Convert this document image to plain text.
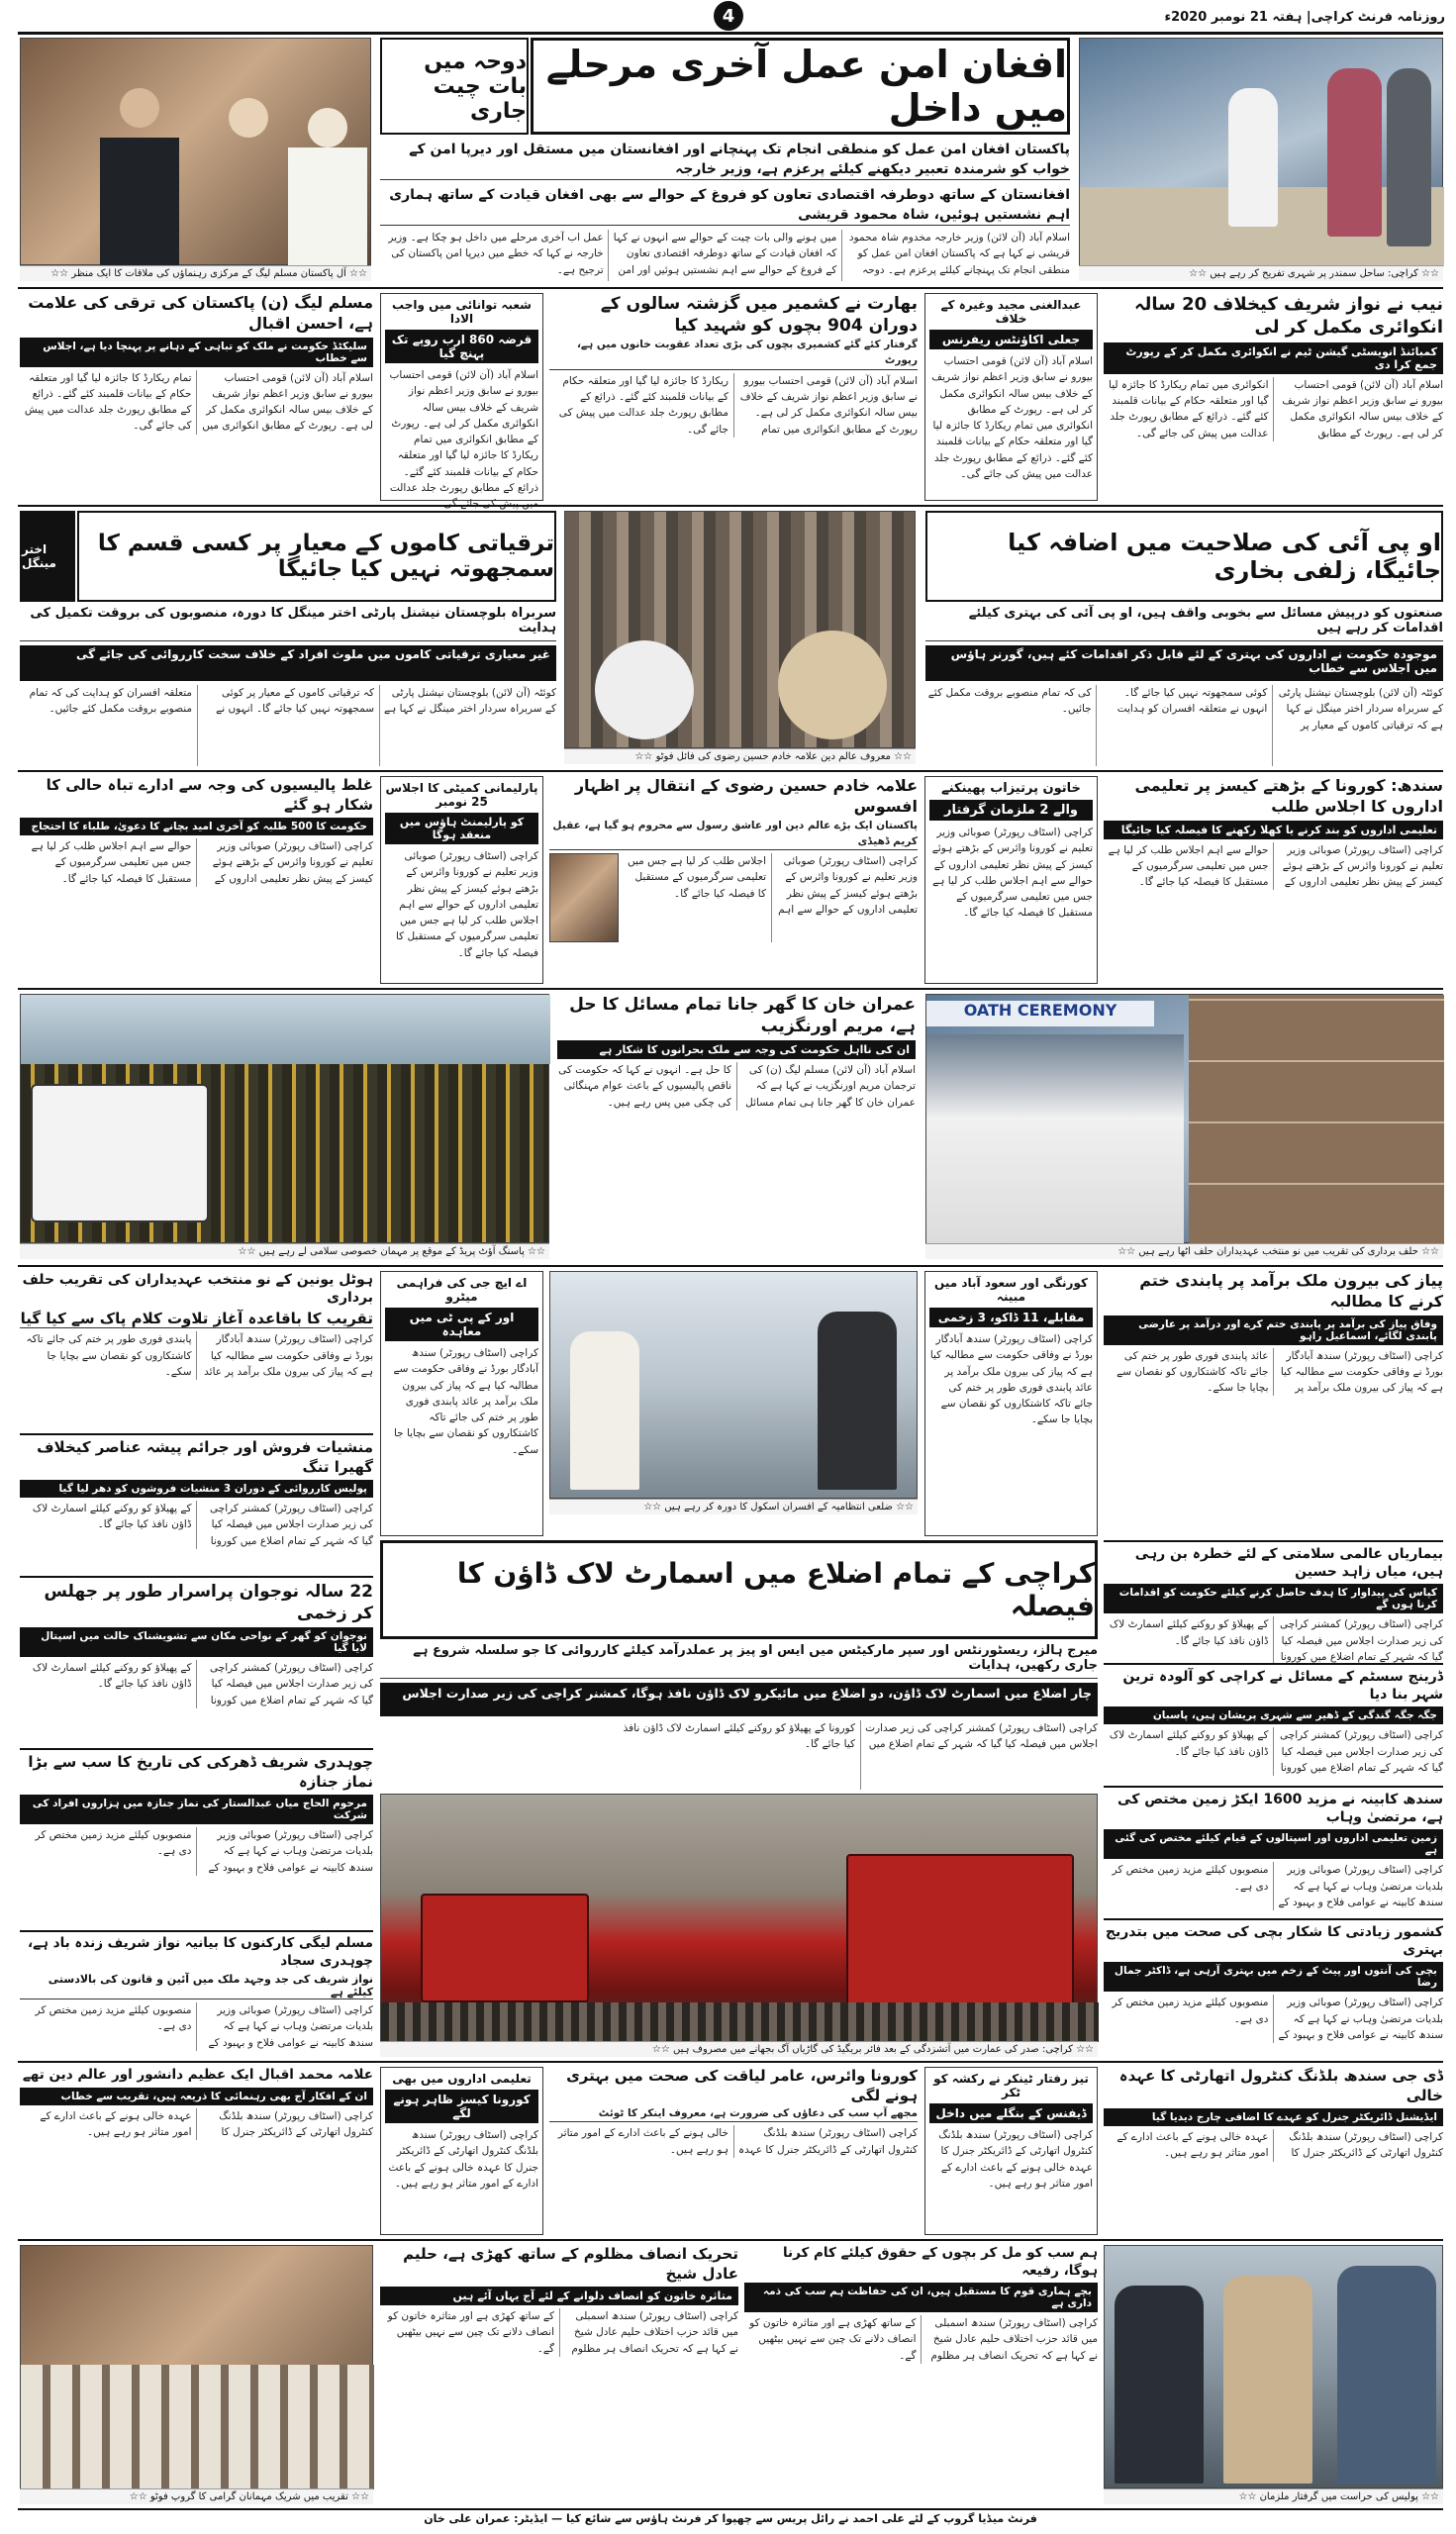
4	روزنامہ فرنٹ کراچی| ہفتہ 21 نومبر 2020ء
☆☆ آل پاکستان مسلم لیگ کے مرکزی رہنماؤں کی ملاقات کا ایک منظر ☆☆
دوحہ میں بات چیت جاری
افغان امن عمل آخری مرحلے میں داخل
پاکستان افغان امن عمل کو منطقی انجام تک پہنچانے اور افغانستان میں مستقل اور دیرپا امن کے خواب کو شرمندہ تعبیر دیکھنے کیلئے پرعزم ہے، وزیر خارجہ
افغانستان کے ساتھ دوطرفہ اقتصادی تعاون کو فروغ کے حوالے سے بھی افغان قیادت کے ساتھ ہماری اہم نشستیں ہوئیں، شاہ محمود قریشی
اسلام آباد (آن لائن) وزیر خارجہ مخدوم شاہ محمود قریشی نے کہا ہے کہ پاکستان افغان امن عمل کو منطقی انجام تک پہنچانے کیلئے پرعزم ہے۔ دوحہ میں ہونے والی بات چیت کے حوالے سے انہوں نے کہا کہ افغان قیادت کے ساتھ دوطرفہ اقتصادی تعاون کے فروغ کے حوالے سے اہم نشستیں ہوئیں اور امن عمل اب آخری مرحلے میں داخل ہو چکا ہے۔ وزیر خارجہ نے کہا کہ خطے میں دیرپا امن پاکستان کی ترجیح ہے۔	☆☆ کراچی: ساحل سمندر پر شہری تفریح کر رہے ہیں ☆☆
نیب نے نواز شریف کیخلاف 20 سالہ انکوائری مکمل کر لی
کمبائنڈ انویسٹی گیشن ٹیم نے انکوائری مکمل کر کے رپورٹ جمع کرا دی
اسلام آباد (آن لائن) قومی احتساب بیورو نے سابق وزیر اعظم نواز شریف کے خلاف بیس سالہ انکوائری مکمل کر لی ہے۔ رپورٹ کے مطابق انکوائری میں تمام ریکارڈ کا جائزہ لیا گیا اور متعلقہ حکام کے بیانات قلمبند کئے گئے۔ ذرائع کے مطابق رپورٹ جلد عدالت میں پیش کی جائے گی۔
عبدالغنی مجید وغیرہ کے خلاف
جعلی اکاؤنٹس ریفرنس
اسلام آباد (آن لائن) قومی احتساب بیورو نے سابق وزیر اعظم نواز شریف کے خلاف بیس سالہ انکوائری مکمل کر لی ہے۔ رپورٹ کے مطابق انکوائری میں تمام ریکارڈ کا جائزہ لیا گیا اور متعلقہ حکام کے بیانات قلمبند کئے گئے۔ ذرائع کے مطابق رپورٹ جلد عدالت میں پیش کی جائے گی۔
بھارت نے کشمیر میں گزشتہ سالوں کے دوران 904 بچوں کو شہید کیا
گرفتار کئے گئے کشمیری بچوں کی بڑی تعداد عقوبت خانوں میں ہے، رپورٹ
اسلام آباد (آن لائن) قومی احتساب بیورو نے سابق وزیر اعظم نواز شریف کے خلاف بیس سالہ انکوائری مکمل کر لی ہے۔ رپورٹ کے مطابق انکوائری میں تمام ریکارڈ کا جائزہ لیا گیا اور متعلقہ حکام کے بیانات قلمبند کئے گئے۔ ذرائع کے مطابق رپورٹ جلد عدالت میں پیش کی جائے گی۔
شعبہ توانائی میں واجب الادا
قرضہ 860 ارب روپے تک پہنچ گیا
اسلام آباد (آن لائن) قومی احتساب بیورو نے سابق وزیر اعظم نواز شریف کے خلاف بیس سالہ انکوائری مکمل کر لی ہے۔ رپورٹ کے مطابق انکوائری میں تمام ریکارڈ کا جائزہ لیا گیا اور متعلقہ حکام کے بیانات قلمبند کئے گئے۔ ذرائع کے مطابق رپورٹ جلد عدالت
مسلم لیگ (ن) پاکستان کی ترقی کی علامت ہے، احسن اقبال
سلیکٹڈ حکومت نے ملک کو تباہی کے دہانے پر پہنچا دیا ہے، اجلاس سے خطاب
اسلام آباد (آن لائن) قومی احتساب بیورو نے سابق وزیر اعظم نواز شریف کے خلاف بیس سالہ انکوائری مکمل کر لی ہے۔ رپورٹ کے مطابق انکوائری میں تمام ریکارڈ کا جائزہ لیا گیا اور متعلقہ حکام کے بیانات قلمبند کئے گئے۔ ذرائع کے مطابق رپورٹ جلد عدالت میں پیش کی جائے گی۔
او پی آئی کی صلاحیت میں اضافہ کیا جائیگا، زلفی بخاری
صنعتوں کو درپیش مسائل سے بخوبی واقف ہیں، او پی آئی کی بہتری کیلئے اقدامات کر رہے ہیں
موجودہ حکومت نے اداروں کی بہتری کے لئے قابل ذکر اقدامات کئے ہیں، گورنر ہاؤس میں اجلاس سے خطاب
کوئٹہ (آن لائن) بلوچستان نیشنل پارٹی کے سربراہ سردار اختر مینگل نے کہا ہے کہ ترقیاتی کاموں کے معیار پر کوئی سمجھوتہ نہیں کیا جائے گا۔ انہوں نے متعلقہ افسران کو ہدایت کی کہ تمام منصوبے بروقت مکمل کئے جائیں۔
☆☆ معروف عالم دین علامہ خادم حسین رضوی کی فائل فوٹو ☆☆
ترقیاتی کاموں کے معیار پر کسی قسم کا سمجھوتہ نہیں کیا جائیگا
اختر مینگل
سربراہ بلوچستان نیشنل پارٹی اختر مینگل کا دورہ، منصوبوں کی بروقت تکمیل کی ہدایت
غیر معیاری ترقیاتی کاموں میں ملوث افراد کے خلاف سخت کارروائی کی جائے گی
کوئٹہ (آن لائن) بلوچستان نیشنل پارٹی کے سربراہ سردار اختر مینگل نے کہا ہے کہ ترقیاتی کاموں کے معیار پر کوئی سمجھوتہ نہیں کیا جائے گا۔ انہوں نے متعلقہ افسران کو ہدایت کی کہ تمام منصوبے بروقت مکمل کئے جائیں۔
سندھ: کورونا کے بڑھتے کیسز پر تعلیمی اداروں کا اجلاس طلب
تعلیمی اداروں کو بند کرنے یا کھلا رکھنے کا فیصلہ کیا جائیگا
کراچی (اسٹاف رپورٹر) صوبائی وزیر تعلیم نے کورونا وائرس کے بڑھتے ہوئے کیسز کے پیش نظر تعلیمی اداروں کے حوالے سے اہم اجلاس طلب کر لیا ہے جس میں تعلیمی سرگرمیوں کے مستقبل کا فیصلہ کیا جائے گا۔
خاتون پرتیزاب پھینکنے
والے 2 ملزمان گرفتار
کراچی (اسٹاف رپورٹر) صوبائی وزیر تعلیم نے کورونا وائرس کے بڑھتے ہوئے کیسز کے پیش نظر تعلیمی اداروں کے حوالے سے اہم اجلاس طلب کر لیا ہے جس میں تعلیمی سرگرمیوں کے مستقبل کا فیصلہ کیا جائے گا۔
علامہ خادم حسین رضوی کے انتقال پر اظہار افسوس
پاکستان ایک بڑے عالم دین اور عاشق رسول سے محروم ہو گیا ہے، عقیل کریم ڈھیڈی
کراچی (اسٹاف رپورٹر) صوبائی وزیر تعلیم نے کورونا وائرس کے بڑھتے ہوئے کیسز کے پیش نظر تعلیمی اداروں کے حوالے سے اہم اجلاس طلب کر لیا ہے جس میں تعلیمی سرگرمیوں کے مستقبل کا فیصلہ کیا جائے گا۔
پارلیمانی کمیٹی کا اجلاس 25 نومبر
کو پارلیمنٹ ہاؤس میں منعقد ہوگا
کراچی (اسٹاف رپورٹر) صوبائی وزیر تعلیم نے کورونا وائرس کے بڑھتے ہوئے کیسز کے پیش نظر تعلیمی اداروں کے حوالے سے اہم اجلاس طلب کر لیا ہے جس میں تعلیمی سرگرمیوں کے مستقبل کا فیصلہ کیا جائے گا۔
غلط پالیسیوں کی وجہ سے ادارے تباہ حالی کا شکار ہو گئے
حکومت کا 500 طلبہ کو آخری امید بچانے کا دعویٰ، طلباء کا احتجاج
کراچی (اسٹاف رپورٹر) صوبائی وزیر تعلیم نے کورونا وائرس کے بڑھتے ہوئے کیسز کے پیش نظر تعلیمی اداروں کے حوالے سے اہم اجلاس طلب کر لیا ہے جس میں تعلیمی سرگرمیوں کے مستقبل کا فیصلہ کیا جائے گا۔
☆☆ پاسنگ آؤٹ پریڈ کے موقع پر مہمان خصوصی سلامی لے رہے ہیں ☆☆
عمران خان کا گھر جانا تمام مسائل کا حل ہے، مریم اورنگزیب
ان کی نااہل حکومت کی وجہ سے ملک بحرانوں کا شکار ہے
اسلام آباد (آن لائن) مسلم لیگ (ن) کی ترجمان مریم اورنگزیب نے کہا ہے کہ عمران خان کا گھر جانا ہی تمام مسائل کا حل ہے۔ انہوں نے کہا کہ حکومت کی ناقص پالیسیوں کے باعث عوام مہنگائی کی چکی میں پس رہے ہیں۔
OATH CEREMONY
☆☆ حلف برداری کی تقریب میں نو منتخب عہدیداران حلف اٹھا رہے ہیں ☆☆
پیاز کی بیرون ملک برآمد پر پابندی ختم کرنے کا مطالبہ
وفاق پیاز کی برآمد پر پابندی ختم کرے اور درآمد پر عارضی پابندی لگائے، اسماعیل راہو
کراچی (اسٹاف رپورٹر) سندھ آبادگار بورڈ نے وفاقی حکومت سے مطالبہ کیا ہے کہ پیاز کی بیرون ملک برآمد پر عائد پابندی فوری طور پر ختم کی جائے تاکہ کاشتکاروں کو نقصان سے بچایا جا سکے۔
کورنگی اور سعود آباد میں مبینہ
مقابلے، 11 ڈاکو، 3 زخمی
کراچی (اسٹاف رپورٹر) سندھ آبادگار بورڈ نے وفاقی حکومت سے مطالبہ کیا ہے کہ پیاز کی بیرون ملک برآمد پر عائد پابندی فوری طور پر ختم کی جائے تاکہ کاشتکاروں کو نقصان سے بچایا جا سکے۔
☆☆ ضلعی انتظامیہ کے افسران اسکول کا دورہ کر رہے ہیں ☆☆
اے ایچ جی کی فراہمی میٹرو
اور کے پی ٹی میں معاہدہ
کراچی (اسٹاف رپورٹر) سندھ آبادگار بورڈ نے وفاقی حکومت سے مطالبہ کیا ہے کہ پیاز کی بیرون ملک برآمد پر عائد پابندی فوری طور پر ختم کی جائے تاکہ کاشتکاروں کو نقصان سے بچایا جا سکے۔
ہوٹل یونین کے نو منتخب عہدیداران کی تقریب حلف برداری
تقریب کا باقاعدہ آغاز تلاوت کلام پاک سے کیا گیا
کراچی (اسٹاف رپورٹر) سندھ آبادگار بورڈ نے وفاقی حکومت سے مطالبہ کیا ہے کہ پیاز کی بیرون ملک برآمد پر عائد پابندی فوری طور پر ختم کی جائے تاکہ کاشتکاروں کو نقصان سے بچایا جا سکے۔
منشیات فروش اور جرائم پیشہ عناصر کیخلاف گھیرا تنگ
پولیس کارروائی کے دوران 3 منشیات فروشوں کو دھر لیا گیا
کراچی (اسٹاف رپورٹر) کمشنر کراچی کی زیر صدارت اجلاس میں فیصلہ کیا گیا کہ شہر کے تمام اضلاع میں کورونا کے پھیلاؤ کو روکنے کیلئے اسمارٹ لاک ڈاؤن نافذ کیا جائے گا۔
کراچی کے تمام اضلاع میں اسمارٹ لاک ڈاؤن کا فیصلہ
میرج ہالز، ریسٹورنٹس اور سپر مارکیٹس میں ایس او پیز پر عملدرآمد کیلئے کارروائی کا جو سلسلہ شروع ہے جاری رکھیں، ہدایات
چار اضلاع میں اسمارٹ لاک ڈاؤن، دو اضلاع میں مائیکرو لاک ڈاؤن نافذ ہوگا، کمشنر کراچی کی زیر صدارت اجلاس
کراچی (اسٹاف رپورٹر) کمشنر کراچی کی زیر صدارت اجلاس میں فیصلہ کیا گیا کہ شہر کے تمام اضلاع میں کورونا کے پھیلاؤ کو روکنے کیلئے اسمارٹ لاک ڈاؤن نافذ کیا جائے گا۔
بیماریاں عالمی سلامتی کے لئے خطرہ بن رہی ہیں، میاں زاہد حسین
کپاس کی پیداوار کا ہدف حاصل کرنے کیلئے حکومت کو اقدامات کرنا ہوں گے
کراچی (اسٹاف رپورٹر) کمشنر کراچی کی زیر صدارت اجلاس میں فیصلہ کیا گیا کہ شہر کے تمام اضلاع میں کورونا کے پھیلاؤ کو روکنے کیلئے اسمارٹ لاک ڈاؤن نافذ کیا جائے گا۔
ڈرینج سسٹم کے مسائل نے کراچی کو آلودہ ترین شہر بنا دیا
جگہ جگہ گندگی کے ڈھیر سے شہری پریشان ہیں، پاسبان
کراچی (اسٹاف رپورٹر) کمشنر کراچی کی زیر صدارت اجلاس میں فیصلہ کیا گیا کہ شہر کے تمام اضلاع میں کورونا کے پھیلاؤ کو روکنے کیلئے اسمارٹ لاک ڈاؤن نافذ کیا جائے گا۔
22 سالہ نوجوان پراسرار طور پر جھلس کر زخمی
نوجوان کو گھر کے نواحی مکان سے تشویشناک حالت میں اسپتال لایا گیا
کراچی (اسٹاف رپورٹر) کمشنر کراچی کی زیر صدارت اجلاس میں فیصلہ کیا گیا کہ شہر کے تمام اضلاع میں کورونا کے پھیلاؤ کو روکنے کیلئے اسمارٹ لاک ڈاؤن نافذ کیا جائے گا۔
☆☆ کراچی: صدر کی عمارت میں آتشزدگی کے بعد فائر بریگیڈ کی گاڑیاں آگ بجھانے میں مصروف ہیں ☆☆
سندھ کابینہ نے مزید 1600 ایکڑ زمین مختص کی ہے، مرتضیٰ وہاب
زمین تعلیمی اداروں اور اسپتالوں کے قیام کیلئے مختص کی گئی ہے
کراچی (اسٹاف رپورٹر) صوبائی وزیر بلدیات مرتضیٰ وہاب نے کہا ہے کہ سندھ کابینہ نے عوامی فلاح و بہبود کے منصوبوں کیلئے مزید زمین مختص کر دی ہے۔
کشمور زیادتی کا شکار بچی کی صحت میں بتدریج بہتری
بچی کی آنتوں اور پیٹ کے زخم میں بہتری آرہی ہے، ڈاکٹر جمال رضا
کراچی (اسٹاف رپورٹر) صوبائی وزیر بلدیات مرتضیٰ وہاب نے کہا ہے کہ سندھ کابینہ نے عوامی فلاح و بہبود کے منصوبوں کیلئے مزید زمین مختص کر دی ہے۔
چوہدری شریف ڈھرکی کی تاریخ کا سب سے بڑا نماز جنازہ
مرحوم الحاج میاں عبدالستار کی نماز جنازہ میں ہزاروں افراد کی شرکت
کراچی (اسٹاف رپورٹر) صوبائی وزیر بلدیات مرتضیٰ وہاب نے کہا ہے کہ سندھ کابینہ نے عوامی فلاح و بہبود کے منصوبوں کیلئے مزید زمین مختص کر دی ہے۔
مسلم لیگی کارکنوں کا بیانیہ نواز شریف زندہ باد ہے، چوہدری سجاد
نواز شریف کی جد وجہد ملک میں آئین و قانون کی بالادستی کیلئے ہے
کراچی (اسٹاف رپورٹر) صوبائی وزیر بلدیات مرتضیٰ وہاب نے کہا ہے کہ سندھ کابینہ نے عوامی فلاح و بہبود کے منصوبوں کیلئے مزید زمین مختص کر دی ہے۔
ڈی جی سندھ بلڈنگ کنٹرول اتھارٹی کا عہدہ خالی
ایڈیشنل ڈائریکٹر جنرل کو عہدے کا اضافی چارج دیدیا گیا
کراچی (اسٹاف رپورٹر) سندھ بلڈنگ کنٹرول اتھارٹی کے ڈائریکٹر جنرل کا عہدہ خالی ہونے کے باعث ادارے کے امور متاثر ہو رہے ہیں۔
تیز رفتار ٹینکر نے رکشہ کو ٹکر
ڈیفنس کے بنگلے میں داخل
کراچی (اسٹاف رپورٹر) سندھ بلڈنگ کنٹرول اتھارٹی کے ڈائریکٹر جنرل کا عہدہ خالی ہونے کے باعث ادارے کے امور متاثر ہو رہے ہیں۔
کورونا وائرس، عامر لیاقت کی صحت میں بہتری ہونے لگی
مجھے آپ سب کی دعاؤں کی ضرورت ہے، معروف اینکر کا ٹوئٹ
کراچی (اسٹاف رپورٹر) سندھ بلڈنگ کنٹرول اتھارٹی کے ڈائریکٹر جنرل کا عہدہ خالی ہونے کے باعث ادارے کے امور متاثر ہو رہے ہیں۔
تعلیمی اداروں میں بھی
کورونا کیسز ظاہر ہونے لگے
کراچی (اسٹاف رپورٹر) سندھ بلڈنگ کنٹرول اتھارٹی کے ڈائریکٹر جنرل کا عہدہ خالی ہونے کے باعث ادارے کے امور متاثر ہو رہے ہیں۔
علامہ محمد اقبال ایک عظیم دانشور اور عالم دین تھے
ان کے افکار آج بھی رہنمائی کا ذریعہ ہیں، تقریب سے خطاب
کراچی (اسٹاف رپورٹر) سندھ بلڈنگ کنٹرول اتھارٹی کے ڈائریکٹر جنرل کا عہدہ خالی ہونے کے باعث ادارے کے امور متاثر ہو رہے ہیں۔
☆☆ تقریب میں شریک مہمانان گرامی کا گروپ فوٹو ☆☆
تحریک انصاف مظلوم کے ساتھ کھڑی ہے، حلیم عادل شیخ
متاثرہ خاتون کو انصاف دلوانے کے لئے آج یہاں آئے ہیں
کراچی (اسٹاف رپورٹر) سندھ اسمبلی میں قائد حزب اختلاف حلیم عادل شیخ نے کہا ہے کہ تحریک انصاف ہر مظلوم کے ساتھ کھڑی ہے اور متاثرہ خاتون کو انصاف دلانے تک چین سے نہیں بیٹھیں گے۔
ہم سب کو مل کر بچوں کے حقوق کیلئے کام کرنا ہوگا، رفیعہ
بچے ہماری قوم کا مستقبل ہیں، ان کی حفاظت ہم سب کی ذمہ داری ہے
کراچی (اسٹاف رپورٹر) سندھ اسمبلی میں قائد حزب اختلاف حلیم عادل شیخ نے کہا ہے کہ تحریک انصاف ہر مظلوم کے ساتھ کھڑی ہے اور متاثرہ خاتون کو انصاف دلانے تک چین سے نہیں بیٹھیں گے۔
☆☆ پولیس کی حراست میں گرفتار ملزمان ☆☆
فرنٹ میڈیا گروپ کے لئے علی احمد نے رائل پریس سے چھپوا کر فرنٹ ہاؤس سے شائع کیا — ایڈیٹر: عمران علی خان
